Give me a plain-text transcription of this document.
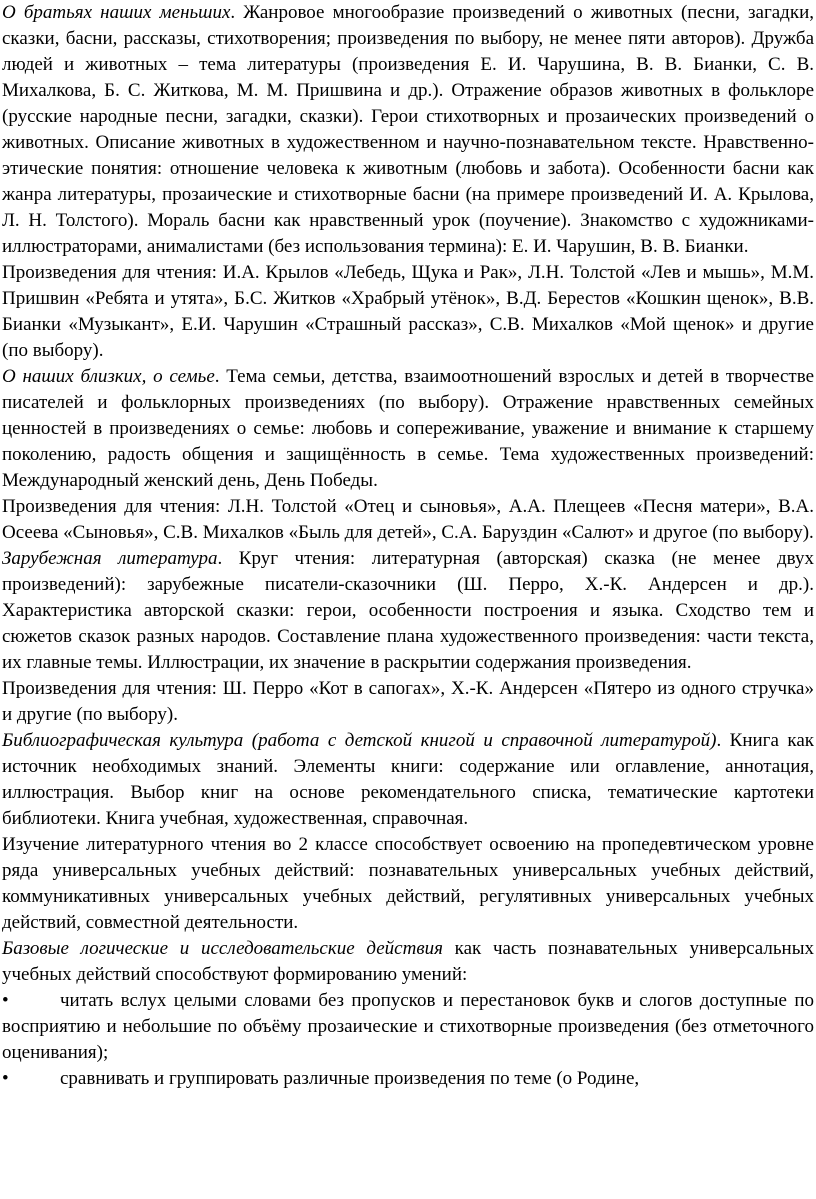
О братьях наших меньших. Жанровое многообразие произведений о животных (песни, загадки, сказки, басни, рассказы, стихотворения; произведения по выбору, не менее пяти авторов). Дружба людей и животных – тема литературы (произведения Е. И. Чарушина, В. В. Бианки, С. В. Михалкова, Б. С. Житкова, М. М. Пришвина и др.). Отражение образов животных в фольклоре (русские народные песни, загадки, сказки). Герои стихотворных и прозаических произведений о животных. Описание животных в художественном и научно-познавательном тексте. Нравственно-этические понятия: отношение человека к животным (любовь и забота). Особенности басни как жанра литературы, прозаические и стихотворные басни (на примере произведений И. А. Крылова, Л. Н. Толстого). Мораль басни как нравственный урок (поучение). Знакомство с художниками-иллюстраторами, анималистами (без использования термина): Е. И. Чарушин, В. В. Бианки.

Произведения для чтения: И.А. Крылов «Лебедь, Щука и Рак», Л.Н. Толстой «Лев и мышь», М.М. Пришвин «Ребята и утята», Б.С. Житков «Храбрый утёнок», В.Д. Берестов «Кошкин щенок», В.В. Бианки «Музыкант», Е.И. Чарушин «Страшный рассказ», С.В. Михалков «Мой щенок» и другие (по выбору).

О наших близких, о семье. Тема семьи, детства, взаимоотношений взрослых и детей в творчестве писателей и фольклорных произведениях (по выбору). Отражение нравственных семейных ценностей в произведениях о семье: любовь и сопереживание, уважение и внимание к старшему поколению, радость общения и защищённость в семье. Тема художественных произведений: Международный женский день, День Победы.

Произведения для чтения: Л.Н. Толстой «Отец и сыновья», А.А. Плещеев «Песня матери», В.А. Осеева «Сыновья», С.В. Михалков «Быль для детей», С.А. Баруздин «Салют» и другое (по выбору).

Зарубежная литература. Круг чтения: литературная (авторская) сказка (не менее двух произведений): зарубежные писатели-сказочники (Ш. Перро, Х.-К. Андерсен и др.). Характеристика авторской сказки: герои, особенности построения и языка. Сходство тем и сюжетов сказок разных народов. Составление плана художественного произведения: части текста, их главные темы. Иллюстрации, их значение в раскрытии содержания произведения.

Произведения для чтения: Ш. Перро «Кот в сапогах», Х.-К. Андерсен «Пятеро из одного стручка» и другие (по выбору).

Библиографическая культура (работа с детской книгой и справочной литературой). Книга как источник необходимых знаний. Элементы книги: содержание или оглавление, аннотация, иллюстрация. Выбор книг на основе рекомендательного списка, тематические картотеки библиотеки. Книга учебная, художественная, справочная.

Изучение литературного чтения во 2 классе способствует освоению на пропедевтическом уровне ряда универсальных учебных действий: познавательных универсальных учебных действий, коммуникативных универсальных учебных действий, регулятивных универсальных учебных действий, совместной деятельности.

Базовые логические и исследовательские действия как часть познавательных универсальных учебных действий способствуют формированию умений:

•	читать вслух целыми словами без пропусков и перестановок букв и слогов доступные по восприятию и небольшие по объёму прозаические и стихотворные произведения (без отметочного оценивания);

•	сравнивать и группировать различные произведения по теме (о Родине,
